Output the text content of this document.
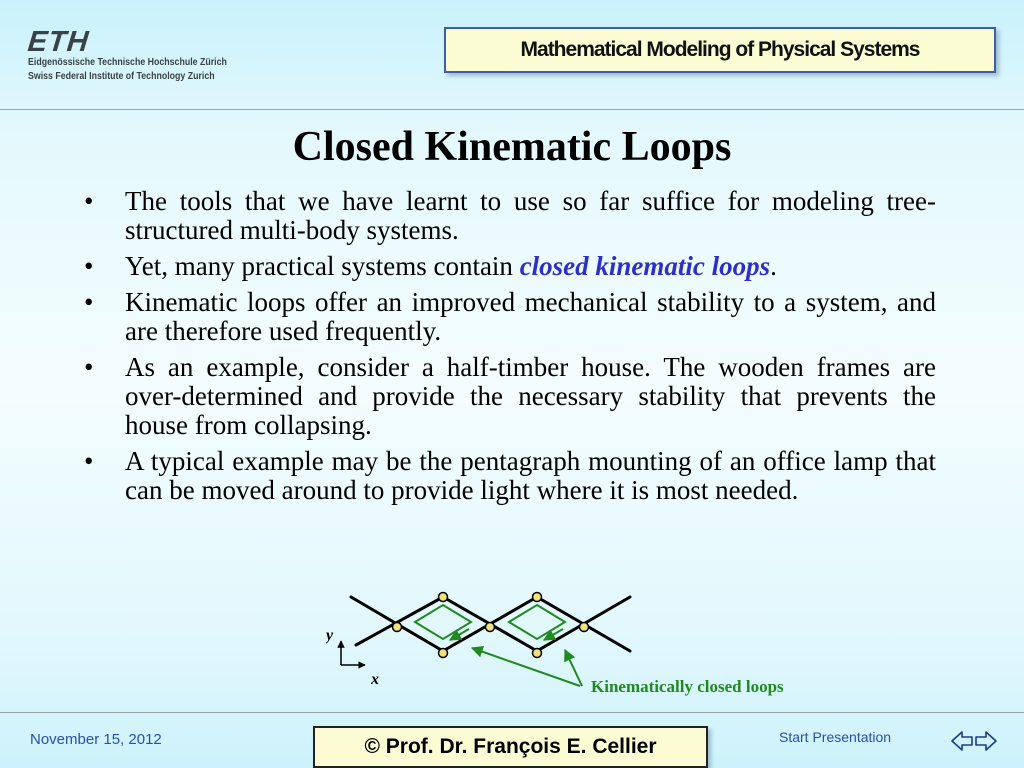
ETH
Eidgenössische Technische Hochschule Zürich
Swiss Federal Institute of Technology Zurich
Mathematical Modeling of Physical Systems
Closed Kinematic Loops
• The tools that we have learnt to use so far suffice for modeling tree-structured multi-body systems.
• Yet, many practical systems contain closed kinematic loops.
• Kinematic loops offer an improved mechanical stability to a system, and are therefore used frequently.
• As an example, consider a half-timber house. The wooden frames are over-determined and provide the necessary stability that prevents the house from collapsing.
• A typical example may be the pentagraph mounting of an office lamp that can be moved around to provide light where it is most needed.
y
x	Kinematically closed loops
November 15, 2012	© Prof. Dr. François E. Cellier	Start Presentation
